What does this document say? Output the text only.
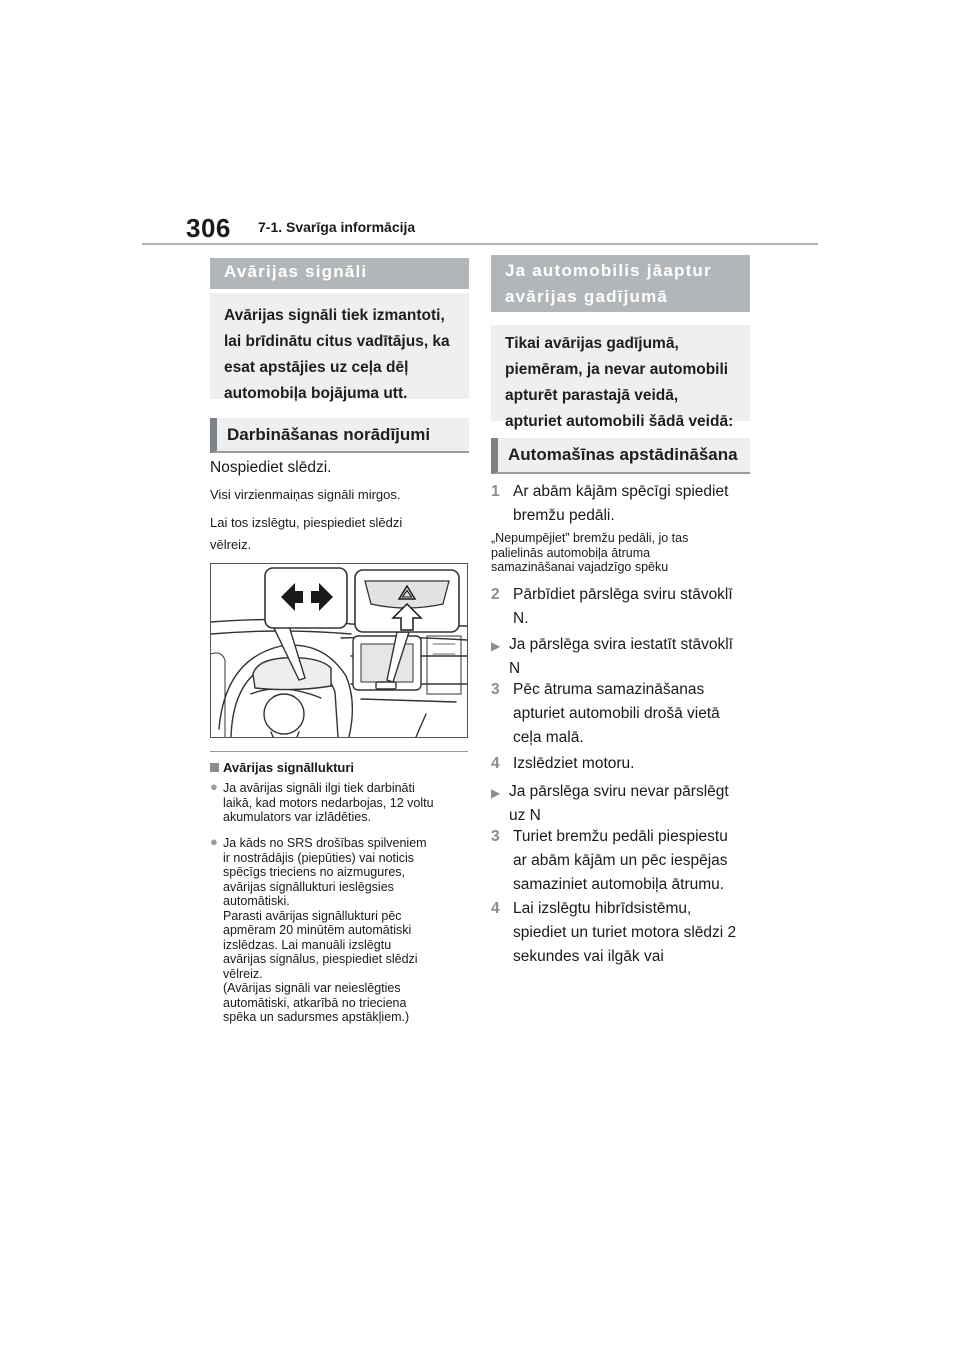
306 7-1. Svarīga informācija
Avārijas signāli
Avārijas signāli tiek izmantoti,
lai brīdinātu citus vadītājus, ka
esat apstājies uz ceļa dēļ
automobiļa bojājuma utt.
Darbināšanas norādījumi
Nospiediet slēdzi.
Visi virzienmaiņas signāli mirgos.
Lai tos izslēgtu, piespiediet slēdzi
vēlreiz.
Avārijas signāllukturi
● Ja avārijas signāli ilgi tiek darbināti
laikā, kad motors nedarbojas, 12 voltu
akumulators var izlādēties.
● Ja kāds no SRS drošības spilveniem
ir nostrādājis (piepūties) vai noticis
spēcīgs trieciens no aizmugures,
avārijas signāllukturi ieslēgsies
automātiski.
Parasti avārijas signāllukturi pēc
apmēram 20 minūtēm automātiski
izslēdzas. Lai manuāli izslēgtu
avārijas signālus, piespiediet slēdzi
vēlreiz.
(Avārijas signāli var neieslēgties
automātiski, atkarībā no trieciena
spēka un sadursmes apstākļiem.)
Ja automobilis jāaptur
avārijas gadījumā
Tikai avārijas gadījumā,
piemēram, ja nevar automobili
apturēt parastajā veidā,
apturiet automobili šādā veidā:
Automašīnas apstādināšana
1 Ar abām kājām spēcīgi spiediet
bremžu pedāli.
„Nepumpējiet” bremžu pedāli, jo tas
palielinās automobiļa ātruma
samazināšanai vajadzīgo spēku
2 Pārbīdiet pārslēga sviru stāvoklī
N.
▶ Ja pārslēga svira iestatīt stāvoklī
N
3 Pēc ātruma samazināšanas
apturiet automobili drošā vietā
ceļa malā.
4 Izslēdziet motoru.
▶ Ja pārslēga sviru nevar pārslēgt
uz N
3 Turiet bremžu pedāli piespiestu
ar abām kājām un pēc iespējas
samaziniet automobiļa ātrumu.
4 Lai izslēgtu hibrīdsistēmu,
spiediet un turiet motora slēdzi 2
sekundes vai ilgāk vai
